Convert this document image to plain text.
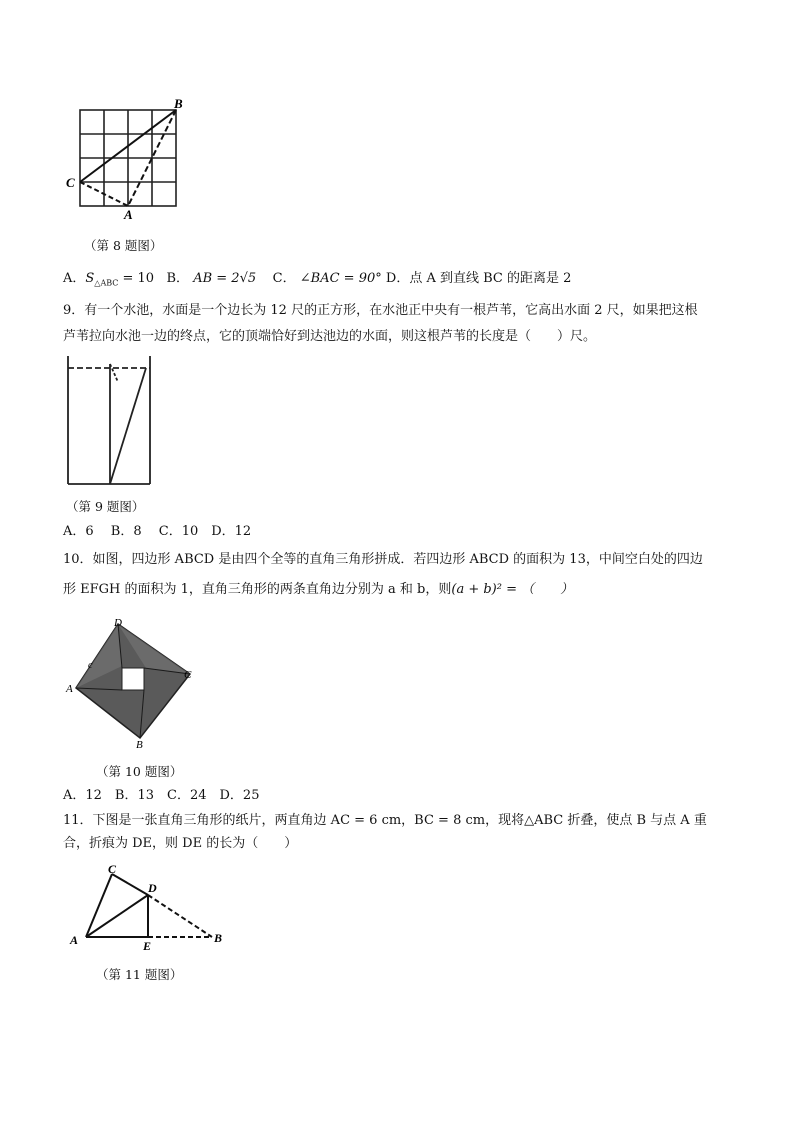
B
C
A
（第 8 题图）
A．$S_{\triangle ABC} = 10$ B． AB = 2√5 C． ∠BAC = 90° D．点 A 到直线 BC 的距离是 2
9．有一个水池，水面是一个边长为 12 尺的正方形，在水池正中央有一根芦苇，它高出水面 2 尺，如果把这根
芦苇拉向水池一边的终点，它的顶端恰好到达池边的水面，则这根芦苇的长度是（　　）尺。
（第 9 题图）
A．6　 B．8　 C．10　D．12
10．如图，四边形 ABCD 是由四个全等的直角三角形拼成．若四边形 ABCD 的面积为 13，中间空白处的四边
形 EFGH 的面积为 1，直角三角形的两条直角边分别为 a 和 b，则(a + b)² = （　　）
D
C
A
B
c
（第 10 题图）
A．12　B．13　C．24　D．25
11．下图是一张直角三角形的纸片，两直角边 AC = 6 cm，BC = 8 cm，现将△ABC 折叠，使点 B 与点 A 重
合，折痕为 DE，则 DE 的长为（　　）
C
D
A	E
B
（第 11 题图）
